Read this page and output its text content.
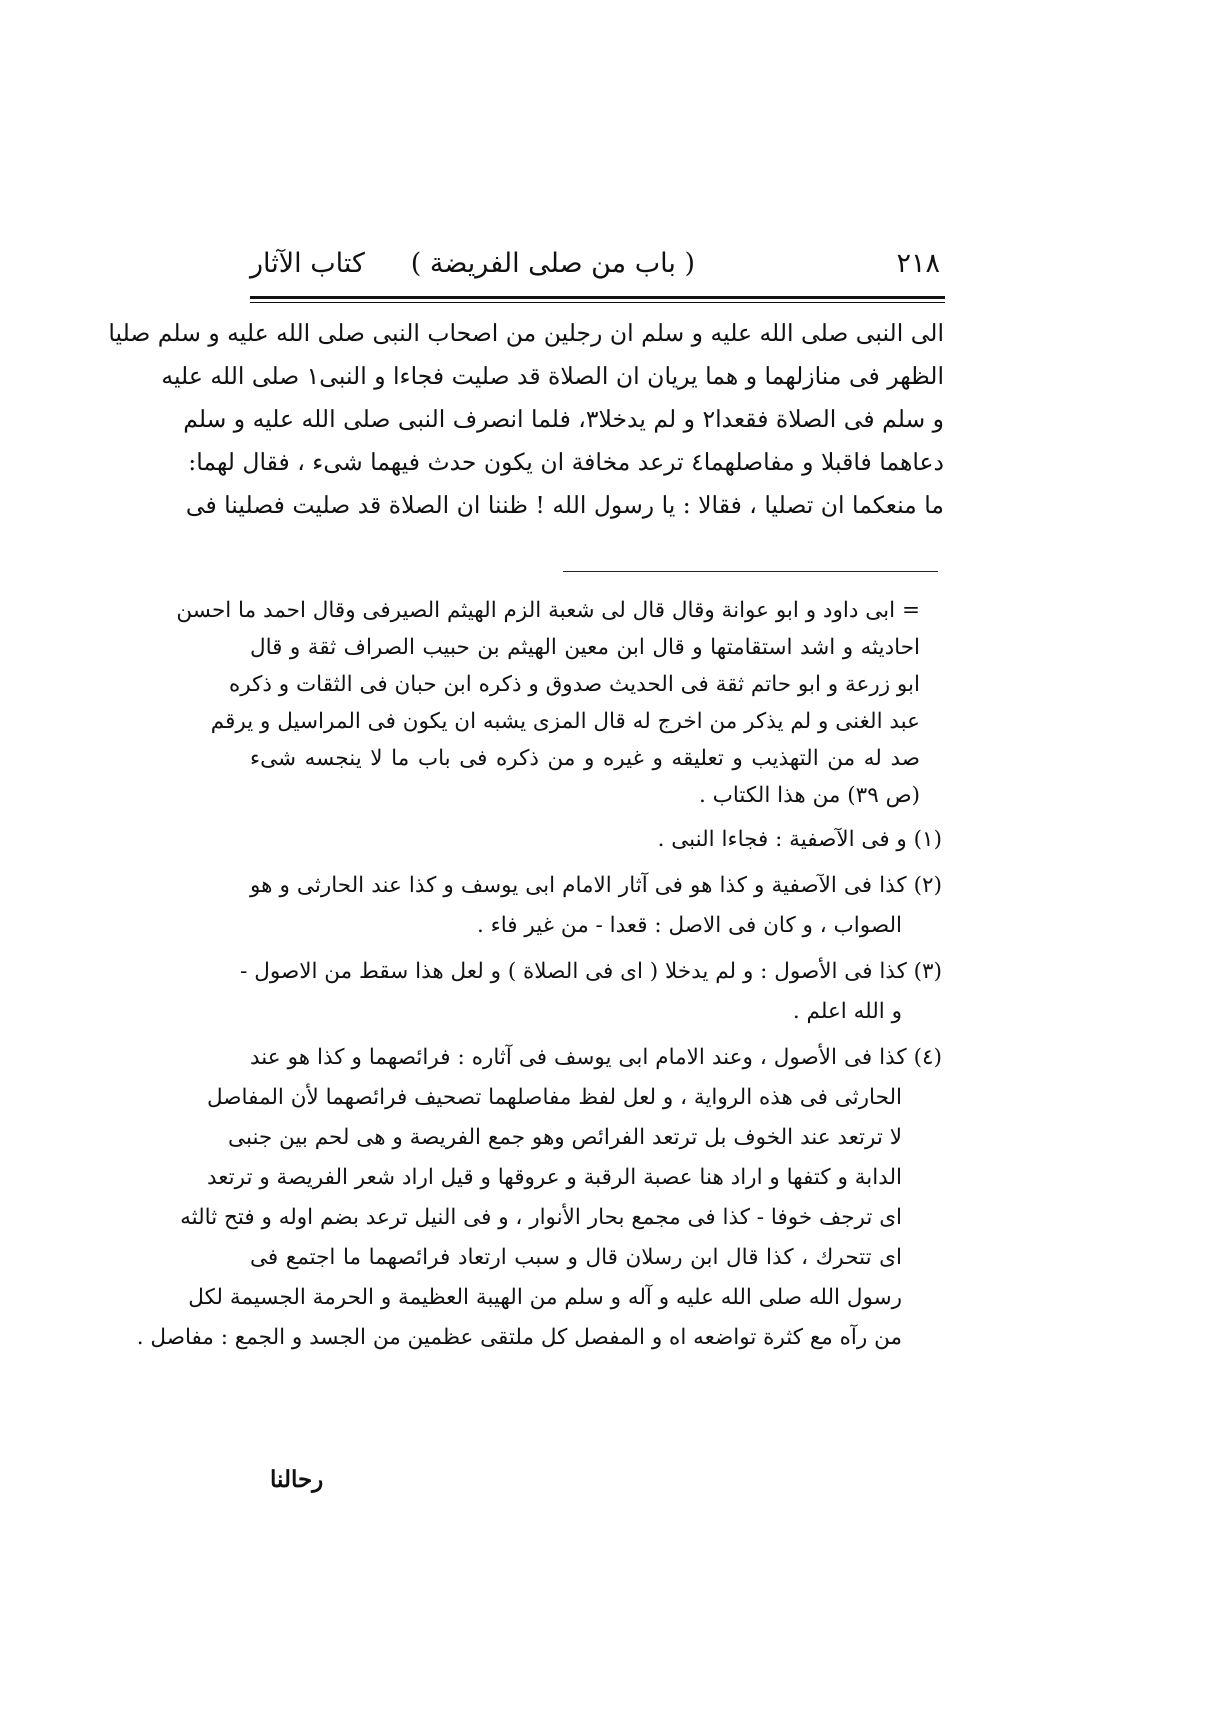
٢١٨
( باب من صلى الفريضة )
كتاب الآثار
الى النبى صلى الله عليه و سلم ان رجلين من اصحاب النبى صلى الله عليه و سلم صليا
الظهر فى منازلهما و هما يريان ان الصلاة قد صليت فجاءا و النبى١ صلى الله عليه
و سلم فى الصلاة فقعدا٢ و لم يدخلا٣، فلما انصرف النبى صلى الله عليه و سلم
دعاهما فاقبلا و مفاصلهما٤ ترعد مخافة ان يكون حدث فيهما شىء ، فقال لهما:
ما منعكما ان تصليا ، فقالا : يا رسول الله ! ظننا ان الصلاة قد صليت فصلينا فى
= ابى داود و ابو عوانة وقال قال لى شعبة الزم الهيثم الصيرفى وقال احمد ما احسن
احاديثه و اشد استقامتها و قال ابن معين الهيثم بن حبيب الصراف ثقة و قال
ابو زرعة و ابو حاتم ثقة فى الحديث صدوق و ذكره ابن حبان فى الثقات و ذكره
عبد الغنى و لم يذكر من اخرج له قال المزى يشبه ان يكون فى المراسيل و يرقم
صد له من التهذيب و تعليقه و غيره و من ذكره فى باب ما لا ينجسه شىء
(ص ٣٩) من هذا الكتاب .
(١) و فى الآصفية : فجاءا النبى .
(٢) كذا فى الآصفية و كذا هو فى آثار الامام ابى يوسف و كذا عند الحارثى و هو
الصواب ، و كان فى الاصل : قعدا - من غير فاء .
(٣) كذا فى الأصول : و لم يدخلا ( اى فى الصلاة ) و لعل هذا سقط من الاصول -
و الله اعلم .
(٤) كذا فى الأصول ، وعند الامام ابى يوسف فى آثاره : فرائصهما و كذا هو عند
الحارثى فى هذه الرواية ، و لعل لفظ مفاصلهما تصحيف فرائصهما لأن المفاصل
لا ترتعد عند الخوف بل ترتعد الفرائص وهو جمع الفريصة و هى لحم بين جنبى
الدابة و كتفها و اراد هنا عصبة الرقبة و عروقها و قيل اراد شعر الفريصة و ترتعد
اى ترجف خوفا - كذا فى مجمع بحار الأنوار ، و فى النيل ترعد بضم اوله و فتح ثالثه
اى تتحرك ، كذا قال ابن رسلان قال و سبب ارتعاد فرائصهما ما اجتمع فى
رسول الله صلى الله عليه و آله و سلم من الهيبة العظيمة و الحرمة الجسيمة لكل
من رآه مع كثرة تواضعه اه و المفصل كل ملتقى عظمين من الجسد و الجمع : مفاصل .
رحالنا
